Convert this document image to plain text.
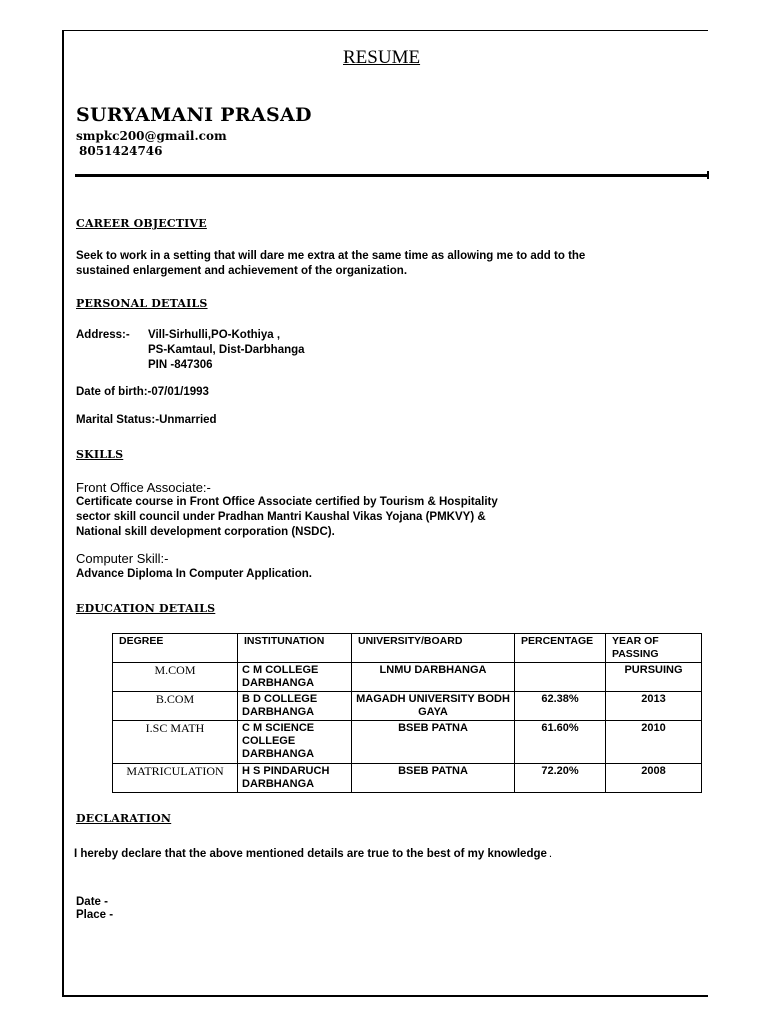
RESUME
SURYAMANI PRASAD
smpkc200@gmail.com
8051424746
CAREER OBJECTIVE
Seek to work in a setting that will dare me extra at the same time as allowing me to add to the
sustained enlargement and achievement of the organization.
PERSONAL DETAILS
Address:- Vill-Sirhulli,PO-Kothiya ,
PS-Kamtaul, Dist-Darbhanga
PIN -847306
Date of birth:-07/01/1993
Marital Status:-Unmarried
SKILLS
Front Office Associate:-
Certificate course in Front Office Associate certified by Tourism & Hospitality
sector skill council under Pradhan Mantri Kaushal Vikas Yojana (PMKVY) &
National skill development corporation (NSDC).
Computer Skill:-
Advance Diploma In Computer Application.
EDUCATION DETAILS
DEGREE	INSTITUNATION	UNIVERSITY/BOARD	PERCENTAGE	YEAR OF PASSING
M.COM	C M COLLEGE DARBHANGA	LNMU DARBHANGA		PURSUING
B.COM	B D COLLEGE DARBHANGA	MAGADH UNIVERSITY BODH GAYA	62.38%	2013
I.SC MATH	C M SCIENCE COLLEGE DARBHANGA	BSEB PATNA	61.60%	2010
MATRICULATION	H S PINDARUCH DARBHANGA	BSEB PATNA	72.20%	2008
DECLARATION
I hereby declare that the above mentioned details are true to the best of my knowledge .
Date -
Place -
